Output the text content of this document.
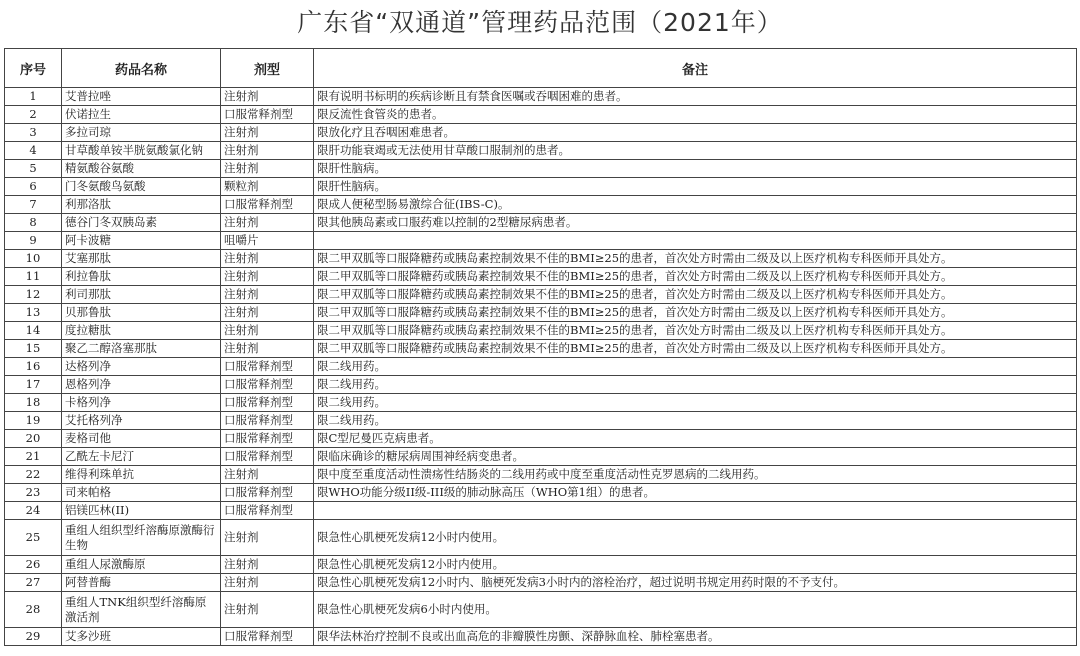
广东省“双通道”管理药品范围（2021年）
序号	药品名称	剂型	备注
1	艾普拉唑	注射剂	限有说明书标明的疾病诊断且有禁食医嘱或吞咽困难的患者。
2	伏诺拉生	口服常释剂型	限反流性食管炎的患者。
3	多拉司琼	注射剂	限放化疗且吞咽困难患者。
4	甘草酸单铵半胱氨酸氯化钠	注射剂	限肝功能衰竭或无法使用甘草酸口服制剂的患者。
5	精氨酸谷氨酸	注射剂	限肝性脑病。
6	门冬氨酸鸟氨酸	颗粒剂	限肝性脑病。
7	利那洛肽	口服常释剂型	限成人便秘型肠易激综合征(IBS-C)。
8	德谷门冬双胰岛素	注射剂	限其他胰岛素或口服药难以控制的2型糖尿病患者。
9	阿卡波糖	咀嚼片	
10	艾塞那肽	注射剂	限二甲双胍等口服降糖药或胰岛素控制效果不佳的BMI≥25的患者，首次处方时需由二级及以上医疗机构专科医师开具处方。
11	利拉鲁肽	注射剂	限二甲双胍等口服降糖药或胰岛素控制效果不佳的BMI≥25的患者，首次处方时需由二级及以上医疗机构专科医师开具处方。
12	利司那肽	注射剂	限二甲双胍等口服降糖药或胰岛素控制效果不佳的BMI≥25的患者，首次处方时需由二级及以上医疗机构专科医师开具处方。
13	贝那鲁肽	注射剂	限二甲双胍等口服降糖药或胰岛素控制效果不佳的BMI≥25的患者，首次处方时需由二级及以上医疗机构专科医师开具处方。
14	度拉糖肽	注射剂	限二甲双胍等口服降糖药或胰岛素控制效果不佳的BMI≥25的患者，首次处方时需由二级及以上医疗机构专科医师开具处方。
15	聚乙二醇洛塞那肽	注射剂	限二甲双胍等口服降糖药或胰岛素控制效果不佳的BMI≥25的患者，首次处方时需由二级及以上医疗机构专科医师开具处方。
16	达格列净	口服常释剂型	限二线用药。
17	恩格列净	口服常释剂型	限二线用药。
18	卡格列净	口服常释剂型	限二线用药。
19	艾托格列净	口服常释剂型	限二线用药。
20	麦格司他	口服常释剂型	限C型尼曼匹克病患者。
21	乙酰左卡尼汀	口服常释剂型	限临床确诊的糖尿病周围神经病变患者。
22	维得利珠单抗	注射剂	限中度至重度活动性溃疡性结肠炎的二线用药或中度至重度活动性克罗恩病的二线用药。
23	司来帕格	口服常释剂型	限WHO功能分级II级-III级的肺动脉高压（WHO第1组）的患者。
24	铝镁匹林(II)	口服常释剂型	
25	重组人组织型纤溶酶原激酶衍生物	注射剂	限急性心肌梗死发病12小时内使用。
26	重组人尿激酶原	注射剂	限急性心肌梗死发病12小时内使用。
27	阿替普酶	注射剂	限急性心肌梗死发病12小时内、脑梗死发病3小时内的溶栓治疗，超过说明书规定用药时限的不予支付。
28	重组人TNK组织型纤溶酶原激活剂	注射剂	限急性心肌梗死发病6小时内使用。
29	艾多沙班	口服常释剂型	限华法林治疗控制不良或出血高危的非瓣膜性房颤、深静脉血栓、肺栓塞患者。
